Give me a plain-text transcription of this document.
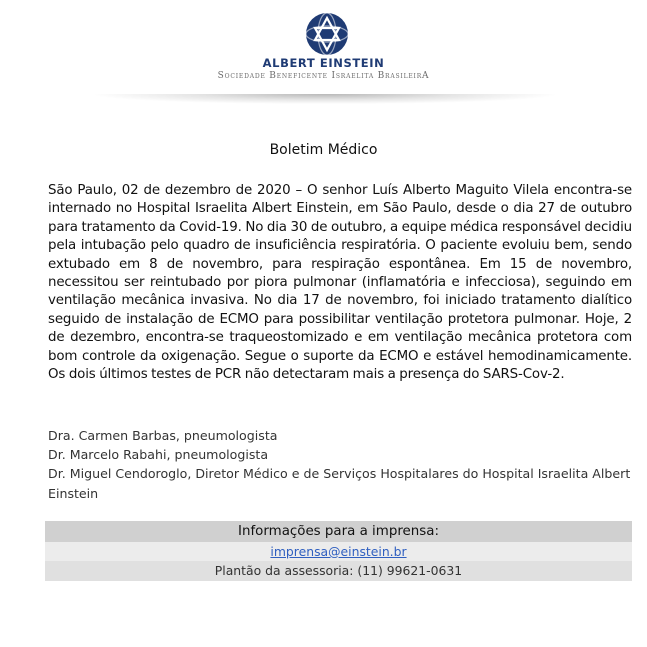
ALBERT EINSTEIN
Sociedade Beneficente Israelita BrasileirA
Boletim Médico
São Paulo, 02 de dezembro de 2020 – O senhor Luís Alberto Maguito Vilela encontra-se internado no Hospital Israelita Albert Einstein, em São Paulo, desde o dia 27 de outubro para tratamento da Covid-19. No dia 30 de outubro, a equipe médica responsável decidiu pela intubação pelo quadro de insuficiência respiratória. O paciente evoluiu bem, sendo extubado em 8 de novembro, para respiração espontânea. Em 15 de novembro, necessitou ser reintubado por piora pulmonar (inflamatória e infecciosa), seguindo em ventilação mecânica invasiva. No dia 17 de novembro, foi iniciado tratamento dialítico seguido de instalação de ECMO para possibilitar ventilação protetora pulmonar. Hoje, 2 de dezembro, encontra-se traqueostomizado e em ventilação mecânica protetora com bom controle da oxigenação. Segue o suporte da ECMO e estável hemodinamicamente. Os dois últimos testes de PCR não detectaram mais a presença do SARS-Cov-2.
Dra. Carmen Barbas, pneumologista
Dr. Marcelo Rabahi, pneumologista
Dr. Miguel Cendoroglo, Diretor Médico e de Serviços Hospitalares do Hospital Israelita Albert Einstein
Informações para a imprensa:
imprensa@einstein.br
Plantão da assessoria: (11) 99621-0631
